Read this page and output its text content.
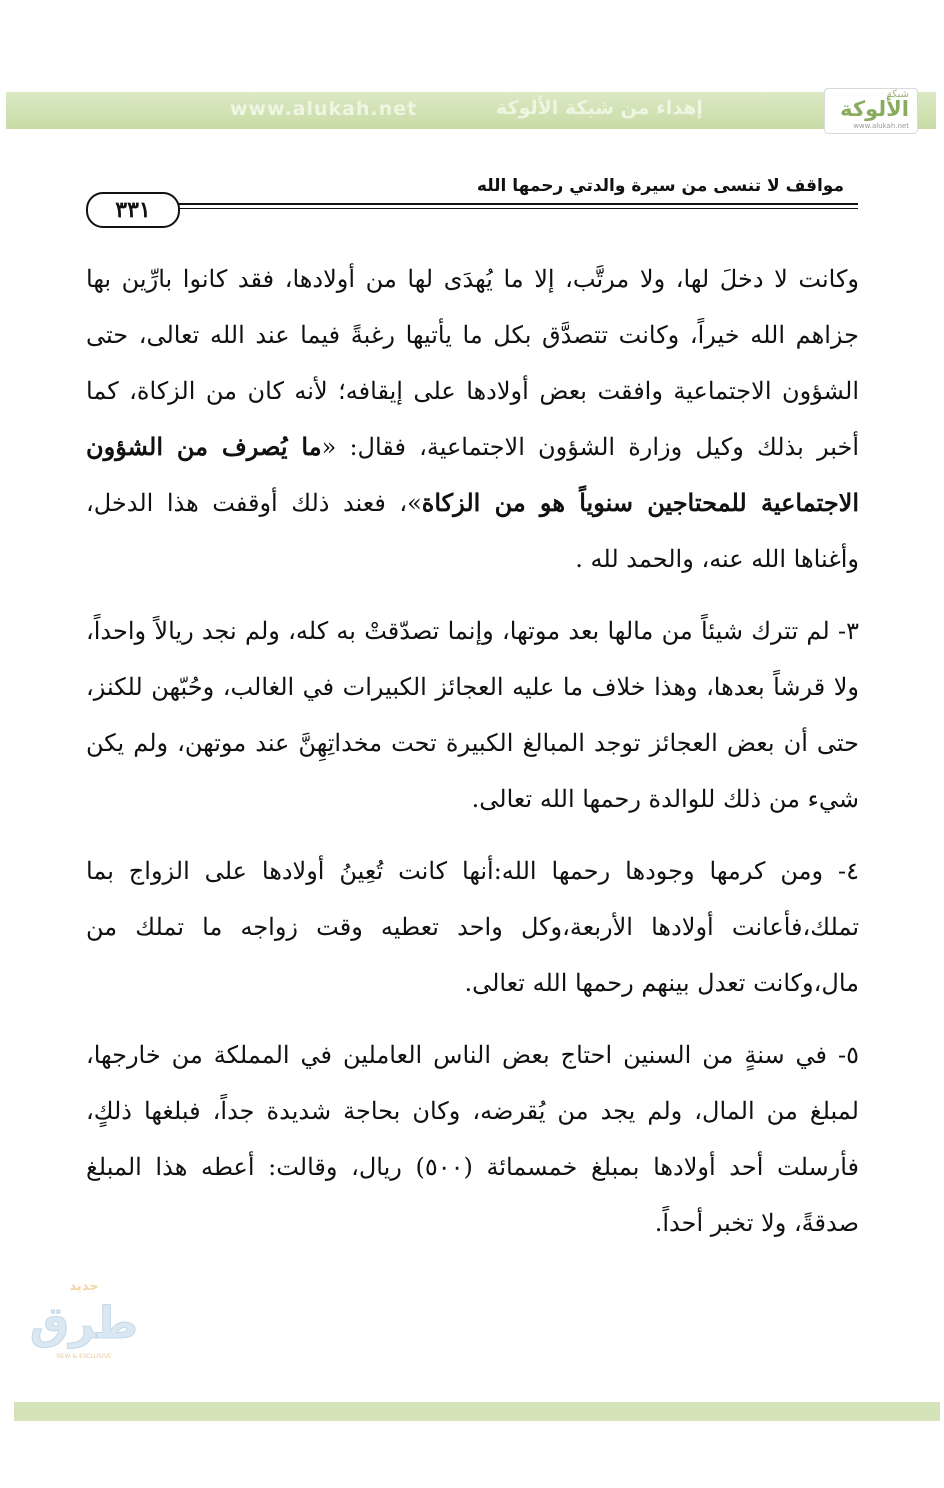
www.alukah.net	إهداء من شبكة الألوكة
شبكة
الألوكة
www.alukah.net
مواقف لا تنسى من سيرة والدتي رحمها الله
٣٣١

وكانت لا دخلَ لها، ولا مرتَّب، إلا ما يُهدَى لها من أولادها، فقد كانوا بارِّين بها جزاهم الله خيراً، وكانت تتصدَّق بكل ما يأتيها رغبةً فيما عند الله تعالى، حتى الشؤون الاجتماعية وافقت بعض أولادها على إيقافه؛ لأنه كان من الزكاة، كما أخبر بذلك وكيل وزارة الشؤون الاجتماعية، فقال: «ما يُصرف من الشؤون الاجتماعية للمحتاجين سنوياً هو من الزكاة»، فعند ذلك أوقفت هذا الدخل، وأغناها الله عنه، والحمد لله .

٣- لم تترك شيئاً من مالها بعد موتها، وإنما تصدّقتْ به كله، ولم نجد ريالاً واحداً، ولا قرشاً بعدها، وهذا خلاف ما عليه العجائز الكبيرات في الغالب، وحُبّهن للكنز، حتى أن بعض العجائز توجد المبالغ الكبيرة تحت مخداتِهِنَّ عند موتهن، ولم يكن شيء من ذلك للوالدة رحمها الله تعالى.

٤- ومن كرمها وجودها رحمها الله:أنها كانت تُعِينُ أولادها على الزواج بما تملك،فأعانت أولادها الأربعة،وكل واحد تعطيه وقت زواجه ما تملك من مال،وكانت تعدل بينهم رحمها الله تعالى.

٥- في سنةٍ من السنين احتاج بعض الناس العاملين في المملكة من خارجها، لمبلغ من المال، ولم يجد من يُقرضه، وكان بحاجة شديدة جداً، فبلغها ذلكٍ، فأرسلت أحد أولادها بمبلغ خمسمائة (٥٠٠) ريال، وقالت: أعطه هذا المبلغ صدقةً، ولا تخبر أحداً.

جديد
طرق
NEW & EXCLUSIVE
